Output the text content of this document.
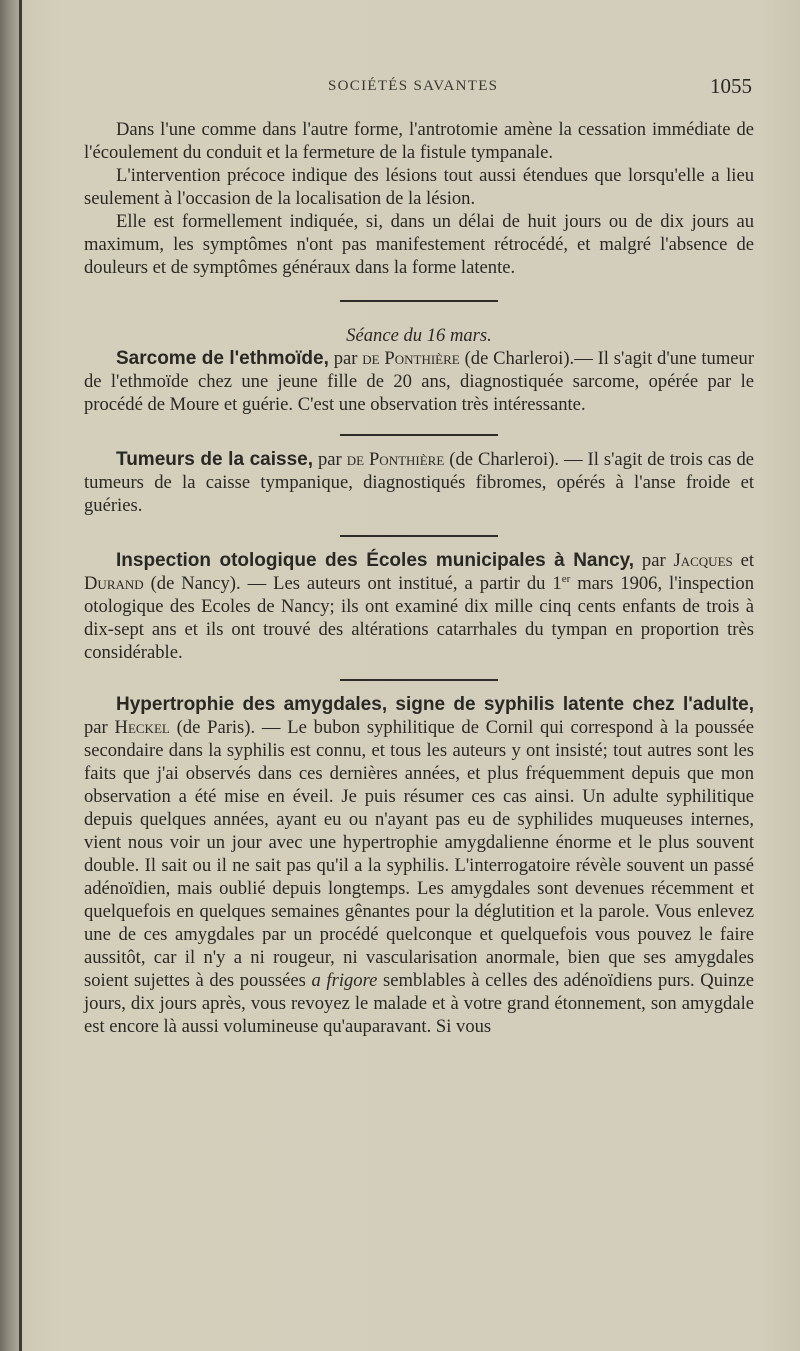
SOCIÉTÉS SAVANTES	1055

Dans l'une comme dans l'autre forme, l'antrotomie amène la cessation immédiate de l'écoulement du conduit et la fermeture de la fistule tympanale.

L'intervention précoce indique des lésions tout aussi étendues que lorsqu'elle a lieu seulement à l'occasion de la localisation de la lésion.

Elle est formellement indiquée, si, dans un délai de huit jours ou de dix jours au maximum, les symptômes n'ont pas manifestement rétrocédé, et malgré l'absence de douleurs et de symptômes généraux dans la forme latente.

Séance du 16 mars.

Sarcome de l'ethmoïde, par de Ponthière (de Charleroi).— Il s'agit d'une tumeur de l'ethmoïde chez une jeune fille de 20 ans, diagnostiquée sarcome, opérée par le procédé de Moure et guérie. C'est une observation très intéressante.

Tumeurs de la caisse, par de Ponthière (de Charleroi). — Il s'agit de trois cas de tumeurs de la caisse tympanique, diagnostiqués fibromes, opérés à l'anse froide et guéries.

Inspection otologique des Écoles municipales à Nancy, par Jacques et Durand (de Nancy). — Les auteurs ont institué, a partir du 1er mars 1906, l'inspection otologique des Ecoles de Nancy; ils ont examiné dix mille cinq cents enfants de trois à dix-sept ans et ils ont trouvé des altérations catarrhales du tympan en proportion très considérable.

Hypertrophie des amygdales, signe de syphilis latente chez l'adulte, par Heckel (de Paris). — Le bubon syphilitique de Cornil qui correspond à la poussée secondaire dans la syphilis est connu, et tous les auteurs y ont insisté; tout autres sont les faits que j'ai observés dans ces dernières années, et plus fréquemment depuis que mon observation a été mise en éveil. Je puis résumer ces cas ainsi. Un adulte syphilitique depuis quelques années, ayant eu ou n'ayant pas eu de syphilides muqueuses internes, vient nous voir un jour avec une hypertrophie amygdalienne énorme et le plus souvent double. Il sait ou il ne sait pas qu'il a la syphilis. L'interrogatoire révèle souvent un passé adénoïdien, mais oublié depuis longtemps. Les amygdales sont devenues récemment et quelquefois en quelques semaines gênantes pour la déglutition et la parole. Vous enlevez une de ces amygdales par un procédé quelconque et quelquefois vous pouvez le faire aussitôt, car il n'y a ni rougeur, ni vascularisation anormale, bien que ses amygdales soient sujettes à des poussées a frigore semblables à celles des adénoïdiens purs. Quinze jours, dix jours après, vous revoyez le malade et à votre grand étonnement, son amygdale est encore là aussi volumineuse qu'auparavant. Si vous
